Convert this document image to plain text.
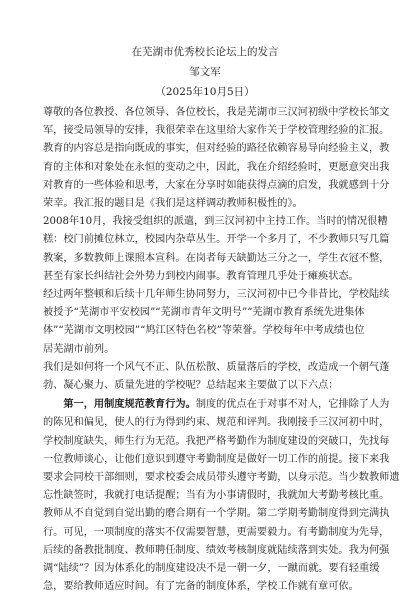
在芜湖市优秀校长论坛上的发言
邹文军
（2025年10月5日）
尊敬的各位教授、各位领导、各位校长，我是芜湖市三汉河初级中学校长邹文
军，接受局领导的安排，我很荣幸在这里给大家作关于学校管理经验的汇报。
教育的内容总是指向既成的事实，但对经验的路径依赖容易导向经验主义，教
育的主体和对象处在永恒的变动之中，因此，我在介绍经验时，更愿意突出我
对教育的一些体验和思考，大家在分享时如能获得点滴的启发，我就感到十分
荣幸。我汇报的题目是《我们是这样调动教师积极性的》。
2008年10月，我接受组织的派遣，到三汉河初中主持工作。当时的情况很糟
糕：校门前摊位林立，校园内杂草丛生。开学一个多月了，不少教师只写几篇
教案，多数教师上课照本宣科。在岗者每天缺勤达三分之一，学生衣冠不整，
甚至有家长纠结社会外势力到校内闹事。教育管理几乎处于瘫痪状态。
经过两年整顿和后续十几年师生协同努力，三汉河初中已今非昔比，学校陆续
被授予“芜湖市平安校园”“芜湖市青年文明号”“芜湖市教育系统先进集体
体”“芜湖市文明校园”“鸠江区特色名校”等荣誉。学校每年中考成绩也位
居芜湖市前列。
我们是如何将一个风气不正、队伍松散、质量落后的学校，改造成一个朝气蓬
勃、凝心聚力、质量先进的学校呢？总结起来主要做了以下六点：
　　第一，用制度规范教育行为。制度的优点在于对事不对人，它排除了人为
的陈见和偏见，使人的行为得到约束、规范和评判。我刚接手三汉河初中时，
学校制度缺失，师生行为无范。我把严格考勤作为制度建设的突破口，先找每
一位教师谈心，让他们意识到遵守考勤制度是做好一切工作的前提。接下来我
要求会同校干部细则，要求校委会成员带头遵守考勤，以身示范。当少数教师遗
忘性缺签时，我就打电话提醒；当有为小事请假时，我就加大考勤考核比重。
教师从不自觉到自觉出勤的磨合期有一个学期。第二学期考勤制度得到完满执
行。可见，一项制度的落实不仅需要智慧，更需要毅力。有考勤制度为先导，
后续的备教批制度、教师聘任制度、绩效考核制度就陆续落到实处。我为何强
调“陆续”？因为体系化的制度建设决不是一朝一夕，一蹴而就。要有轻重缓
急，要给教师适应时间。有了完备的制度体系，学校工作就有章可依。
